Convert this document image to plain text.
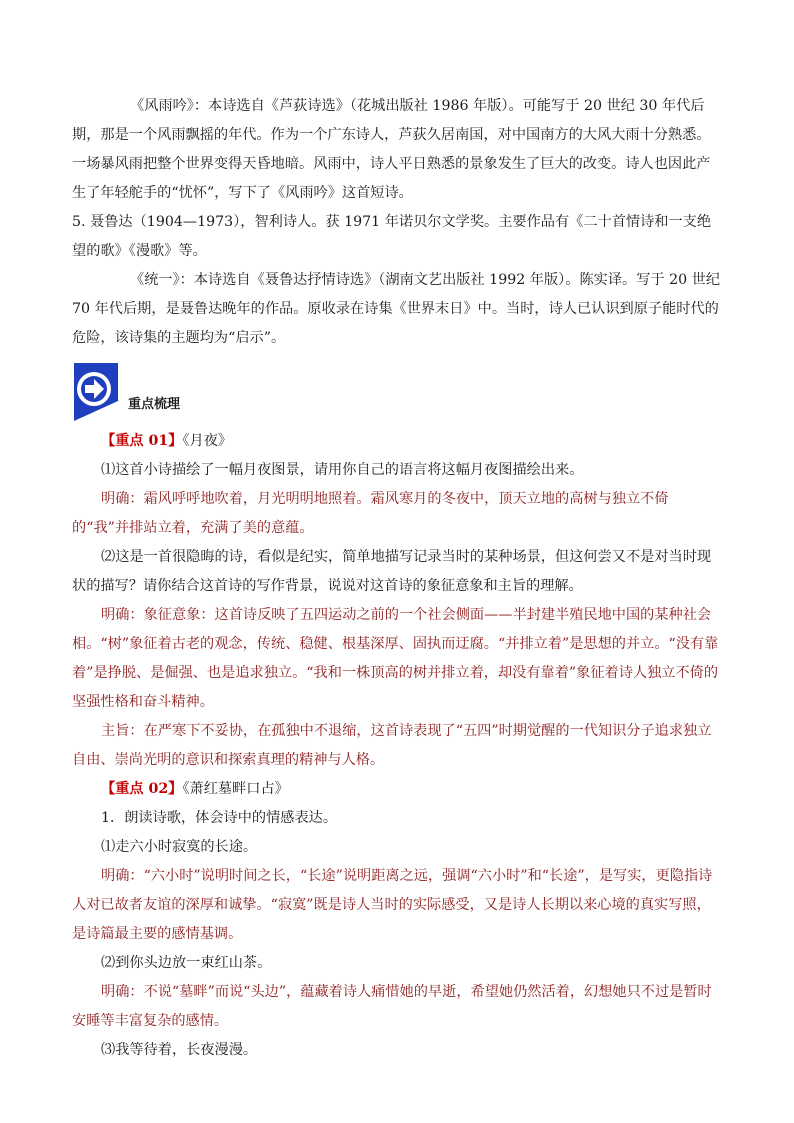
《风雨吟》：本诗选自《芦荻诗选》（花城出版社 1986 年版）。可能写于 20 世纪 30 年代后期，那是一个风雨飘摇的年代。作为一个广东诗人，芦荻久居南国，对中国南方的大风大雨十分熟悉。一场暴风雨把整个世界变得天昏地暗。风雨中，诗人平日熟悉的景象发生了巨大的改变。诗人也因此产生了年轻舵手的“忧怀”，写下了《风雨吟》这首短诗。

5. 聂鲁达（1904—1973），智利诗人。获 1971 年诺贝尔文学奖。主要作品有《二十首情诗和一支绝望的歌》《漫歌》等。

《统一》：本诗选自《聂鲁达抒情诗选》（湖南文艺出版社 1992 年版）。陈实译。写于 20 世纪 70 年代后期，是聂鲁达晚年的作品。原收录在诗集《世界末日》中。当时，诗人已认识到原子能时代的危险，该诗集的主题均为“启示”。

重点梳理

【重点 01】《月夜》

⑴这首小诗描绘了一幅月夜图景，请用你自己的语言将这幅月夜图描绘出来。

明确：霜风呼呼地吹着，月光明明地照着。霜风寒月的冬夜中，顶天立地的高树与独立不倚的“我”并排站立着，充满了美的意蕴。

⑵这是一首很隐晦的诗，看似是纪实，简单地描写记录当时的某种场景，但这何尝又不是对当时现状的描写？请你结合这首诗的写作背景，说说对这首诗的象征意象和主旨的理解。

明确：象征意象：这首诗反映了五四运动之前的一个社会侧面——半封建半殖民地中国的某种社会相。“树”象征着古老的观念，传统、稳健、根基深厚、固执而迂腐。“并排立着”是思想的并立。“没有靠着”是挣脱、是倔强、也是追求独立。“我和一株顶高的树并排立着，却没有靠着”象征着诗人独立不倚的坚强性格和奋斗精神。

主旨：在严寒下不妥协，在孤独中不退缩，这首诗表现了“五四”时期觉醒的一代知识分子追求独立自由、崇尚光明的意识和探索真理的精神与人格。

【重点 02】《萧红墓畔口占》

1．朗读诗歌，体会诗中的情感表达。

⑴走六小时寂寞的长途。

明确：“六小时”说明时间之长，“长途”说明距离之远，强调“六小时”和“长途”，是写实，更隐指诗人对已故者友谊的深厚和诚挚。“寂寞”既是诗人当时的实际感受，又是诗人长期以来心境的真实写照，是诗篇最主要的感情基调。

⑵到你头边放一束红山茶。

明确：不说“墓畔”而说“头边”，蕴藏着诗人痛惜她的早逝，希望她仍然活着，幻想她只不过是暂时安睡等丰富复杂的感情。

⑶我等待着，长夜漫漫。
